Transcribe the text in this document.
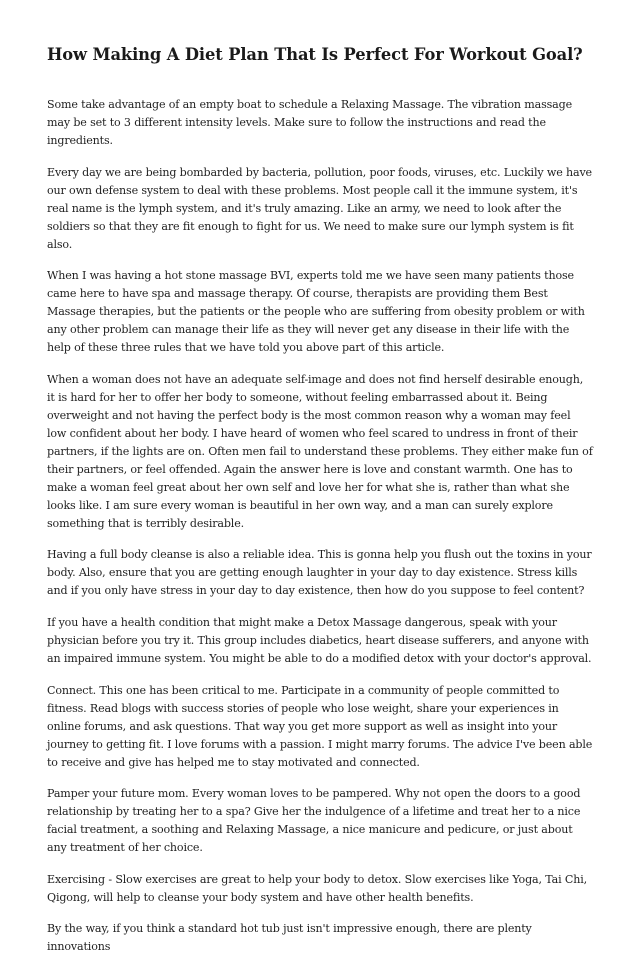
How Making A Diet Plan That Is Perfect For Workout Goal?

Some take advantage of an empty boat to schedule a Relaxing Massage. The vibration massage may be set to 3 different intensity levels. Make sure to follow the instructions and read the ingredients.

Every day we are being bombarded by bacteria, pollution, poor foods, viruses, etc. Luckily we have our own defense system to deal with these problems. Most people call it the immune system, it's real name is the lymph system, and it's truly amazing. Like an army, we need to look after the soldiers so that they are fit enough to fight for us. We need to make sure our lymph system is fit also.

When I was having a hot stone massage BVI, experts told me we have seen many patients those came here to have spa and massage therapy. Of course, therapists are providing them Best Massage therapies, but the patients or the people who are suffering from obesity problem or with any other problem can manage their life as they will never get any disease in their life with the help of these three rules that we have told you above part of this article.

When a woman does not have an adequate self-image and does not find herself desirable enough, it is hard for her to offer her body to someone, without feeling embarrassed about it. Being overweight and not having the perfect body is the most common reason why a woman may feel low confident about her body. I have heard of women who feel scared to undress in front of their partners, if the lights are on. Often men fail to understand these problems. They either make fun of their partners, or feel offended. Again the answer here is love and constant warmth. One has to make a woman feel great about her own self and love her for what she is, rather than what she looks like. I am sure every woman is beautiful in her own way, and a man can surely explore something that is terribly desirable.

Having a full body cleanse is also a reliable idea. This is gonna help you flush out the toxins in your body. Also, ensure that you are getting enough laughter in your day to day existence. Stress kills and if you only have stress in your day to day existence, then how do you suppose to feel content?

If you have a health condition that might make a Detox Massage dangerous, speak with your physician before you try it. This group includes diabetics, heart disease sufferers, and anyone with an impaired immune system. You might be able to do a modified detox with your doctor's approval.

Connect. This one has been critical to me. Participate in a community of people committed to fitness. Read blogs with success stories of people who lose weight, share your experiences in online forums, and ask questions. That way you get more support as well as insight into your journey to getting fit. I love forums with a passion. I might marry forums. The advice I've been able to receive and give has helped me to stay motivated and connected.

Pamper your future mom. Every woman loves to be pampered. Why not open the doors to a good relationship by treating her to a spa? Give her the indulgence of a lifetime and treat her to a nice facial treatment, a soothing and Relaxing Massage, a nice manicure and pedicure, or just about any treatment of her choice.

Exercising - Slow exercises are great to help your body to detox. Slow exercises like Yoga, Tai Chi, Qigong, will help to cleanse your body system and have other health benefits.

By the way, if you think a standard hot tub just isn't impressive enough, there are plenty innovations
